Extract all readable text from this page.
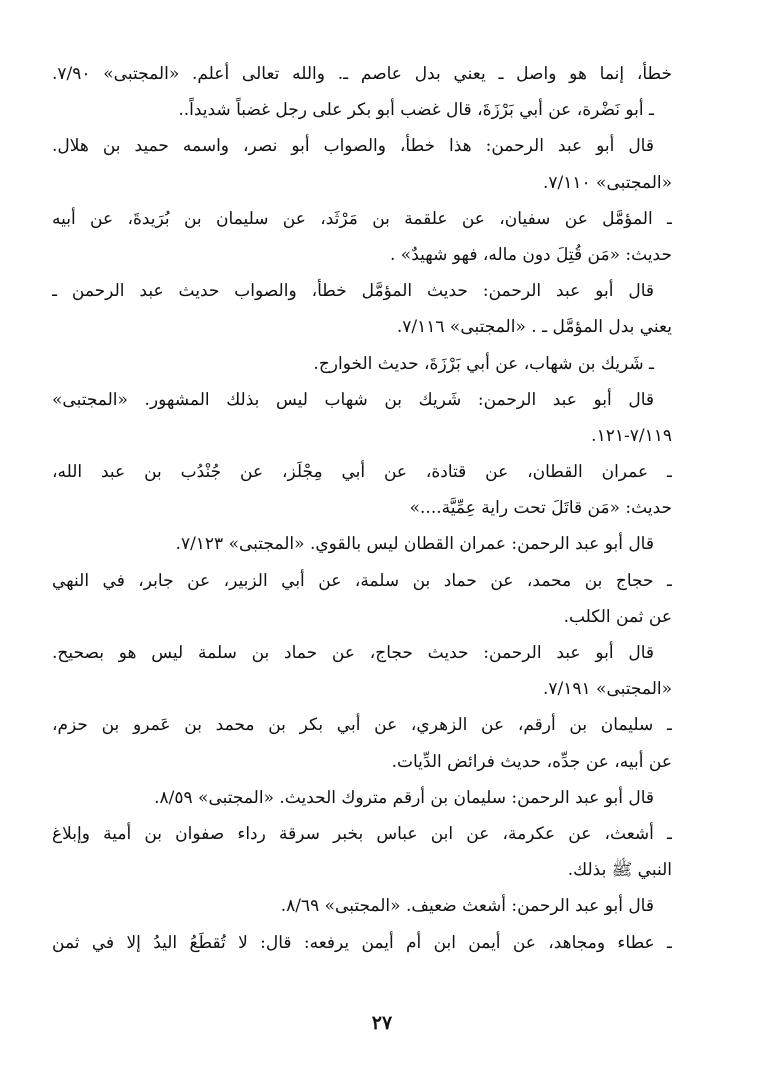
خطأ، إنما هو واصل ـ يعني بدل عاصم ـ. والله تعالى أعلم. «المجتبى» ٧/٩٠.
ـ أبو نَضْرة، عن أبي بَرْزَةَ، قال غضب أبو بكر على رجل غضباً شديداً..
قال أبو عبد الرحمن: هذا خطأ، والصواب أبو نصر، واسمه حميد بن هلال.
«المجتبى» ٧/١١٠.
ـ المؤمَّل عن سفيان، عن علقمة بن مَرْثَد، عن سليمان بن بُرَيدةَ، عن أبيه
حديث: «مَن قُتِلَ دون ماله، فهو شهيدٌ» .
قال أبو عبد الرحمن: حديث المؤمَّل خطأ، والصواب حديث عبد الرحمن ـ
يعني بدل المؤمَّل ـ . «المجتبى» ٧/١١٦.
ـ شَريك بن شهاب، عن أبي بَرْزَةَ، حديث الخوارج.
قال أبو عبد الرحمن: شَريك بن شهاب ليس بذلك المشهور. «المجتبى»
٧/١١٩-١٢١.
ـ عمران القطان، عن قتادة، عن أبي مِجْلَز، عن جُنْدُب بن عبد الله،
حديث: «مَن قاتَلَ تحت راية عِمِّيَّة....»
قال أبو عبد الرحمن: عمران القطان ليس بالقوي. «المجتبى» ٧/١٢٣.
ـ حجاج بن محمد، عن حماد بن سلمة، عن أبي الزبير، عن جابر، في النهي
عن ثمن الكلب.
قال أبو عبد الرحمن: حديث حجاج، عن حماد بن سلمة ليس هو بصحيح.
«المجتبى» ٧/١٩١.
ـ سليمان بن أرقم، عن الزهري، عن أبي بكر بن محمد بن عَمرو بن حزم،
عن أبيه، عن جدِّه، حديث فرائض الدِّيات.
قال أبو عبد الرحمن: سليمان بن أرقم متروك الحديث. «المجتبى» ٨/٥٩.
ـ أشعث، عن عكرمة، عن ابن عباس بخبر سرقة رداء صفوان بن أمية وإبلاغ
النبي ﷺ بذلك.
قال أبو عبد الرحمن: أشعث ضعيف. «المجتبى» ٨/٦٩.
ـ عطاء ومجاهد، عن أيمن ابن أم أيمن يرفعه: قال: لا تُقطَعُ اليدُ إلا في ثمن
٢٧
